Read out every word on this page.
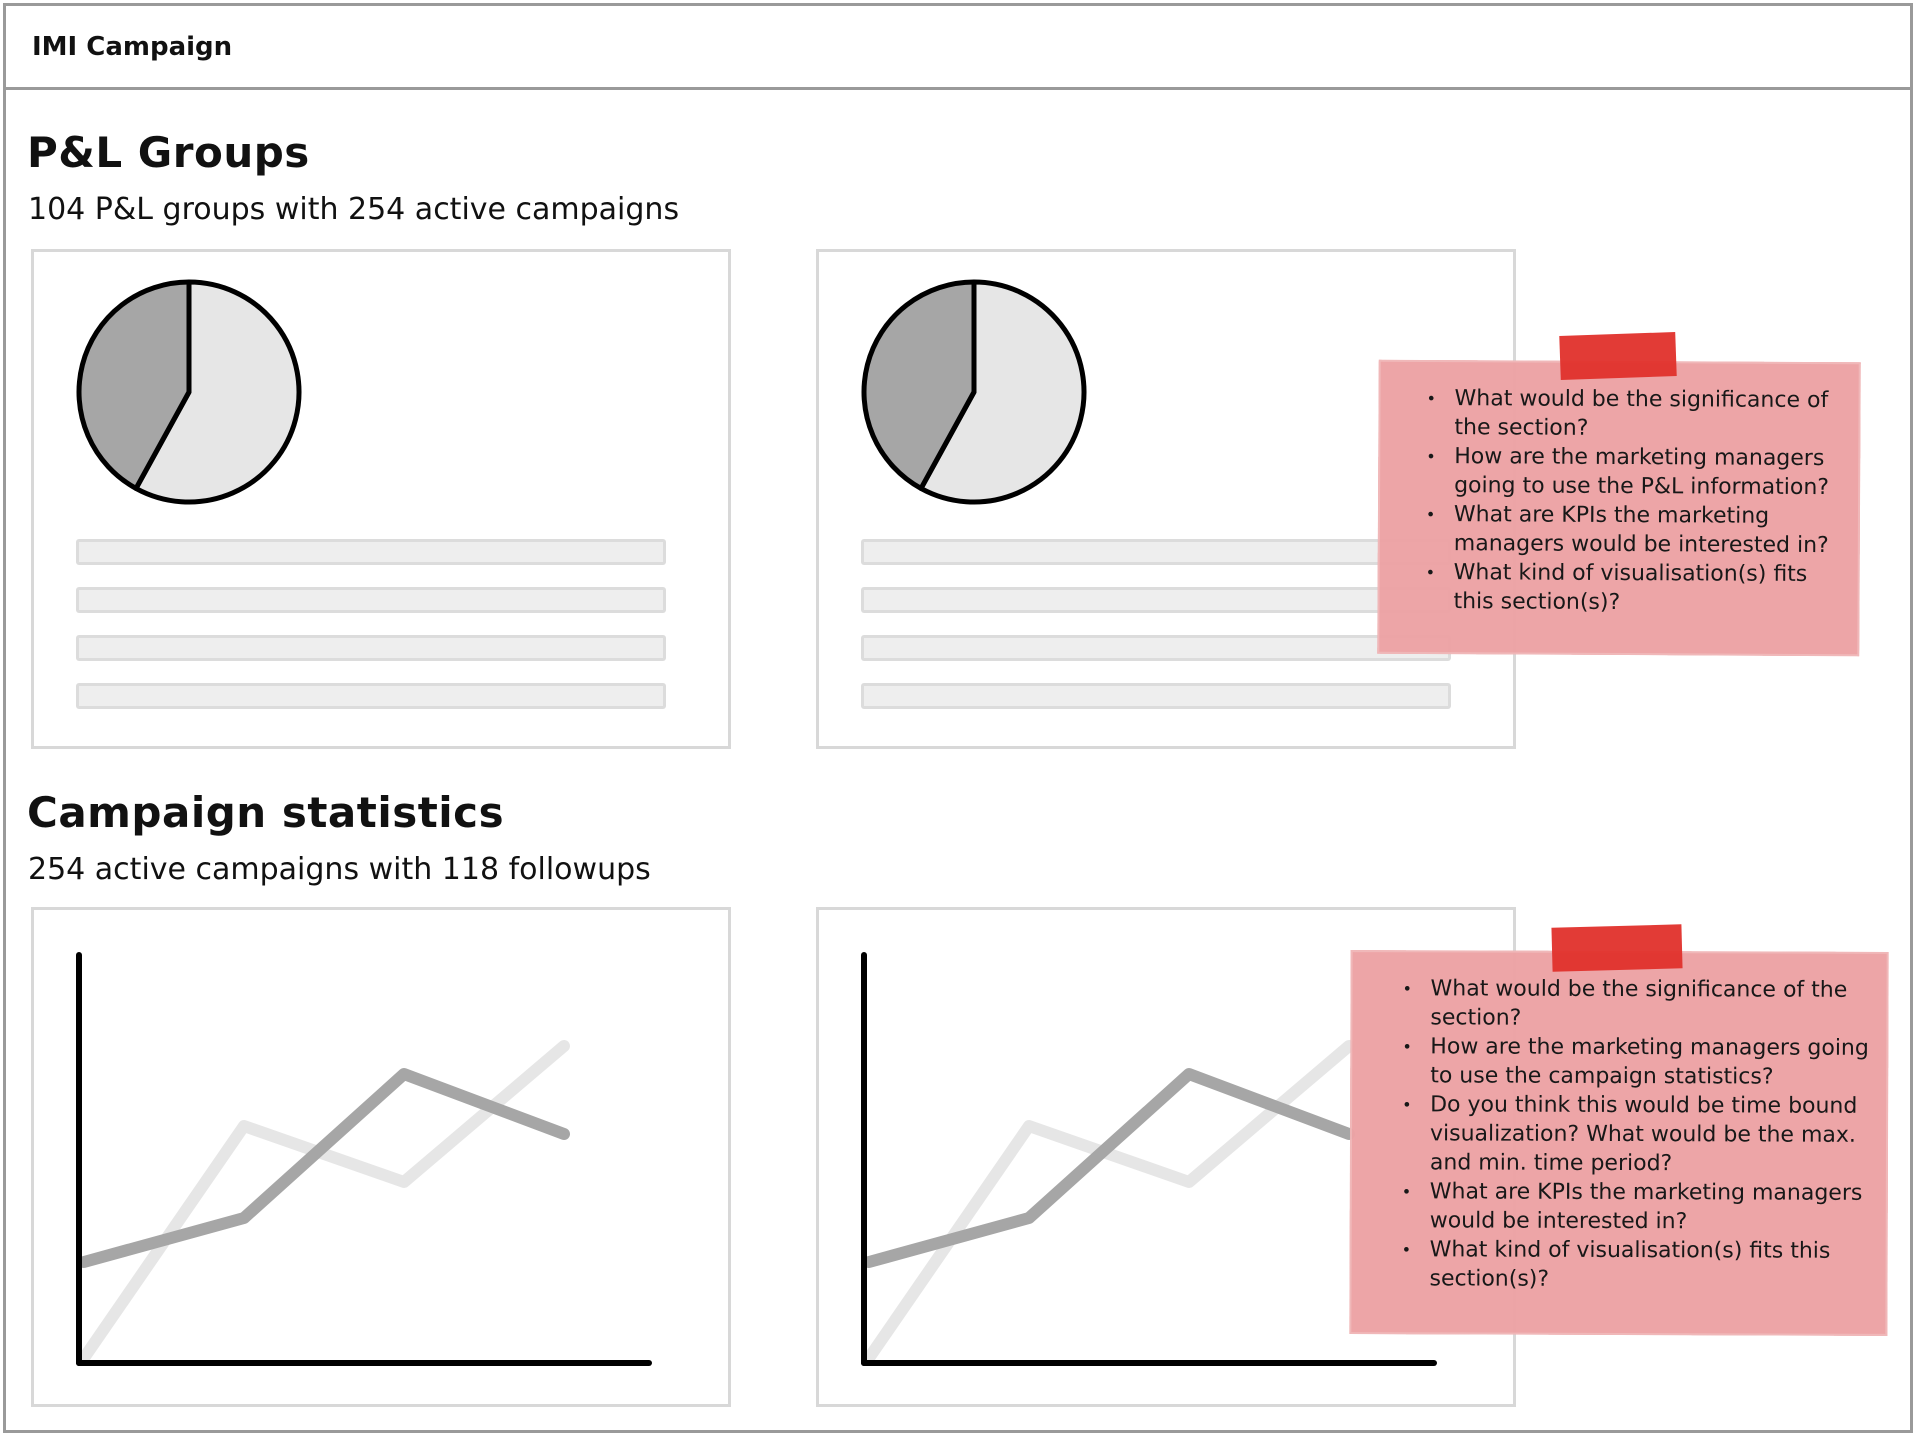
IMI Campaign
P&L Groups
104 P&L groups with 254 active campaigns
• What would be the significance of the section?
• How are the marketing managers going to use the P&L information?
• What are KPIs the marketing managers would be interested in?
• What kind of visualisation(s) fits this section(s)?
Campaign statistics
254 active campaigns with 118 followups
• What would be the significance of the section?
• How are the marketing managers going to use the campaign statistics?
• Do you think this would be time bound visualization? What would be the max. and min. time period?
• What are KPIs the marketing managers would be interested in?
• What kind of visualisation(s) fits this section(s)?
